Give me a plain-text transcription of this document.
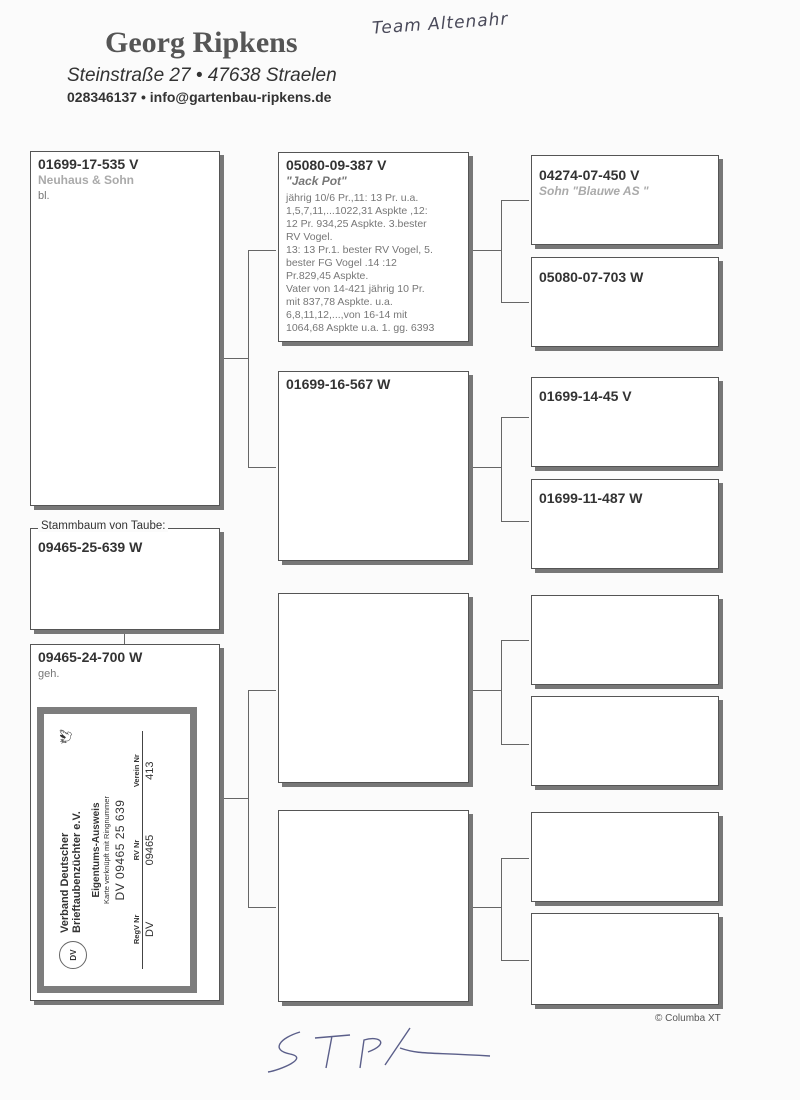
Georg Ripkens
Steinstraße 27 • 47638 Straelen
028346137 • info@gartenbau-ripkens.de
Team Altenahr
01699-17-535 V
Neuhaus & Sohn
bl.
09465-25-639 W
Stammbaum von Taube:
09465-24-700 W
geh.
DV
Verband Deutscher Brieftaubenzüchter e.V.
🕊
Eigentums-Ausweis Karte verknüpft mit Ringnummer DV 09465 25 639
RegV Nr DV
RV Nr 09465
Verein Nr 413
05080-09-387 V
"Jack Pot"
jährig 10/6 Pr.,11: 13 Pr. u.a.
1,5,7,11,...1022,31 Aspkte ,12:
12 Pr. 934,25 Aspkte. 3.bester
RV Vogel.
13: 13 Pr.1. bester RV Vogel, 5.
bester FG Vogel .14 :12
Pr.829,45 Aspkte.
Vater von 14-421 jährig 10 Pr.
mit 837,78 Aspkte. u.a.
6,8,11,12,...,von 16-14 mit
1064,68 Aspkte u.a. 1. gg. 6393
01699-16-567 W
04274-07-450 V
Sohn "Blauwe AS "
05080-07-703 W
01699-14-45 V
01699-11-487 W
© Columba XT
